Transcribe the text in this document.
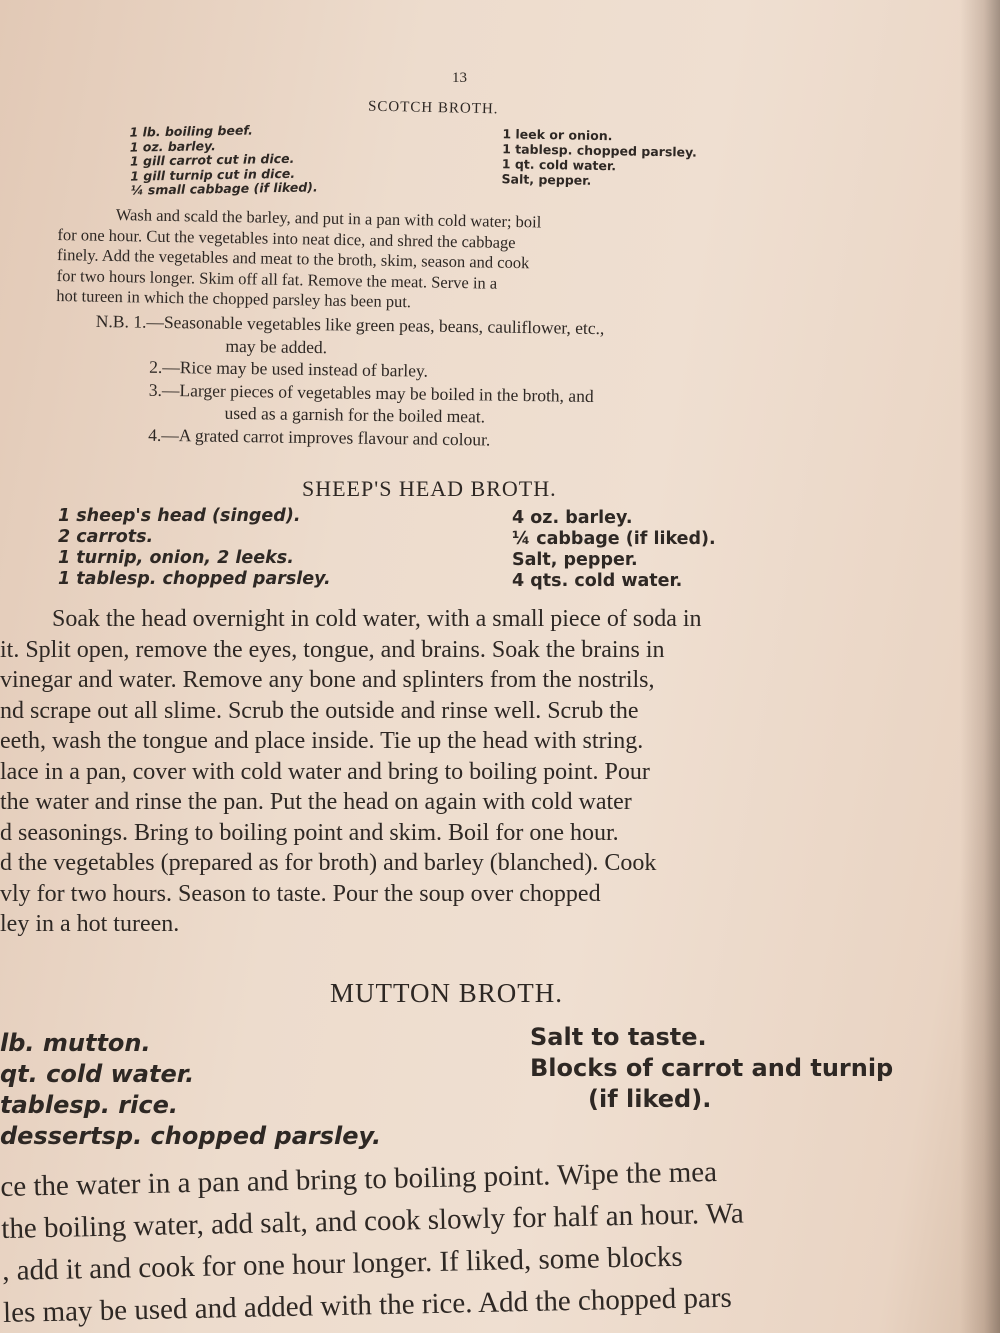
13
SCOTCH BROTH.
1 lb. boiling beef.
1 oz. barley.
1 gill carrot cut in dice.
1 gill turnip cut in dice.
¼ small cabbage (if liked).
1 leek or onion.
1 tablesp. chopped parsley.
1 qt. cold water.
Salt, pepper.
Wash and scald the barley, and put in a pan with cold water; boil
for one hour. Cut the vegetables into neat dice, and shred the cabbage
finely. Add the vegetables and meat to the broth, skim, season and cook
for two hours longer. Skim off all fat. Remove the meat. Serve in a
hot tureen in which the chopped parsley has been put.
N.B. 1.—Seasonable vegetables like green peas, beans, cauliflower, etc.,
may be added.
2.—Rice may be used instead of barley.
3.—Larger pieces of vegetables may be boiled in the broth, and
used as a garnish for the boiled meat.
4.—A grated carrot improves flavour and colour.
SHEEP'S HEAD BROTH.
1 sheep's head (singed).
2 carrots.
1 turnip, onion, 2 leeks.
1 tablesp. chopped parsley.
4 oz. barley.
¼ cabbage (if liked).
Salt, pepper.
4 qts. cold water.
Soak the head overnight in cold water, with a small piece of soda in
it. Split open, remove the eyes, tongue, and brains. Soak the brains in
vinegar and water. Remove any bone and splinters from the nostrils,
nd scrape out all slime. Scrub the outside and rinse well. Scrub the
eeth, wash the tongue and place inside. Tie up the head with string.
lace in a pan, cover with cold water and bring to boiling point. Pour
the water and rinse the pan. Put the head on again with cold water
d seasonings. Bring to boiling point and skim. Boil for one hour.
d the vegetables (prepared as for broth) and barley (blanched). Cook
vly for two hours. Season to taste. Pour the soup over chopped
ley in a hot tureen.
MUTTON BROTH.
lb. mutton.
qt. cold water.
tablesp. rice.
dessertsp. chopped parsley.
Salt to taste.
Blocks of carrot and turnip
(if liked).
ce the water in a pan and bring to boiling point. Wipe the mea
the boiling water, add salt, and cook slowly for half an hour. Wa
, add it and cook for one hour longer. If liked, some blocks
les may be used and added with the rice. Add the chopped pars
